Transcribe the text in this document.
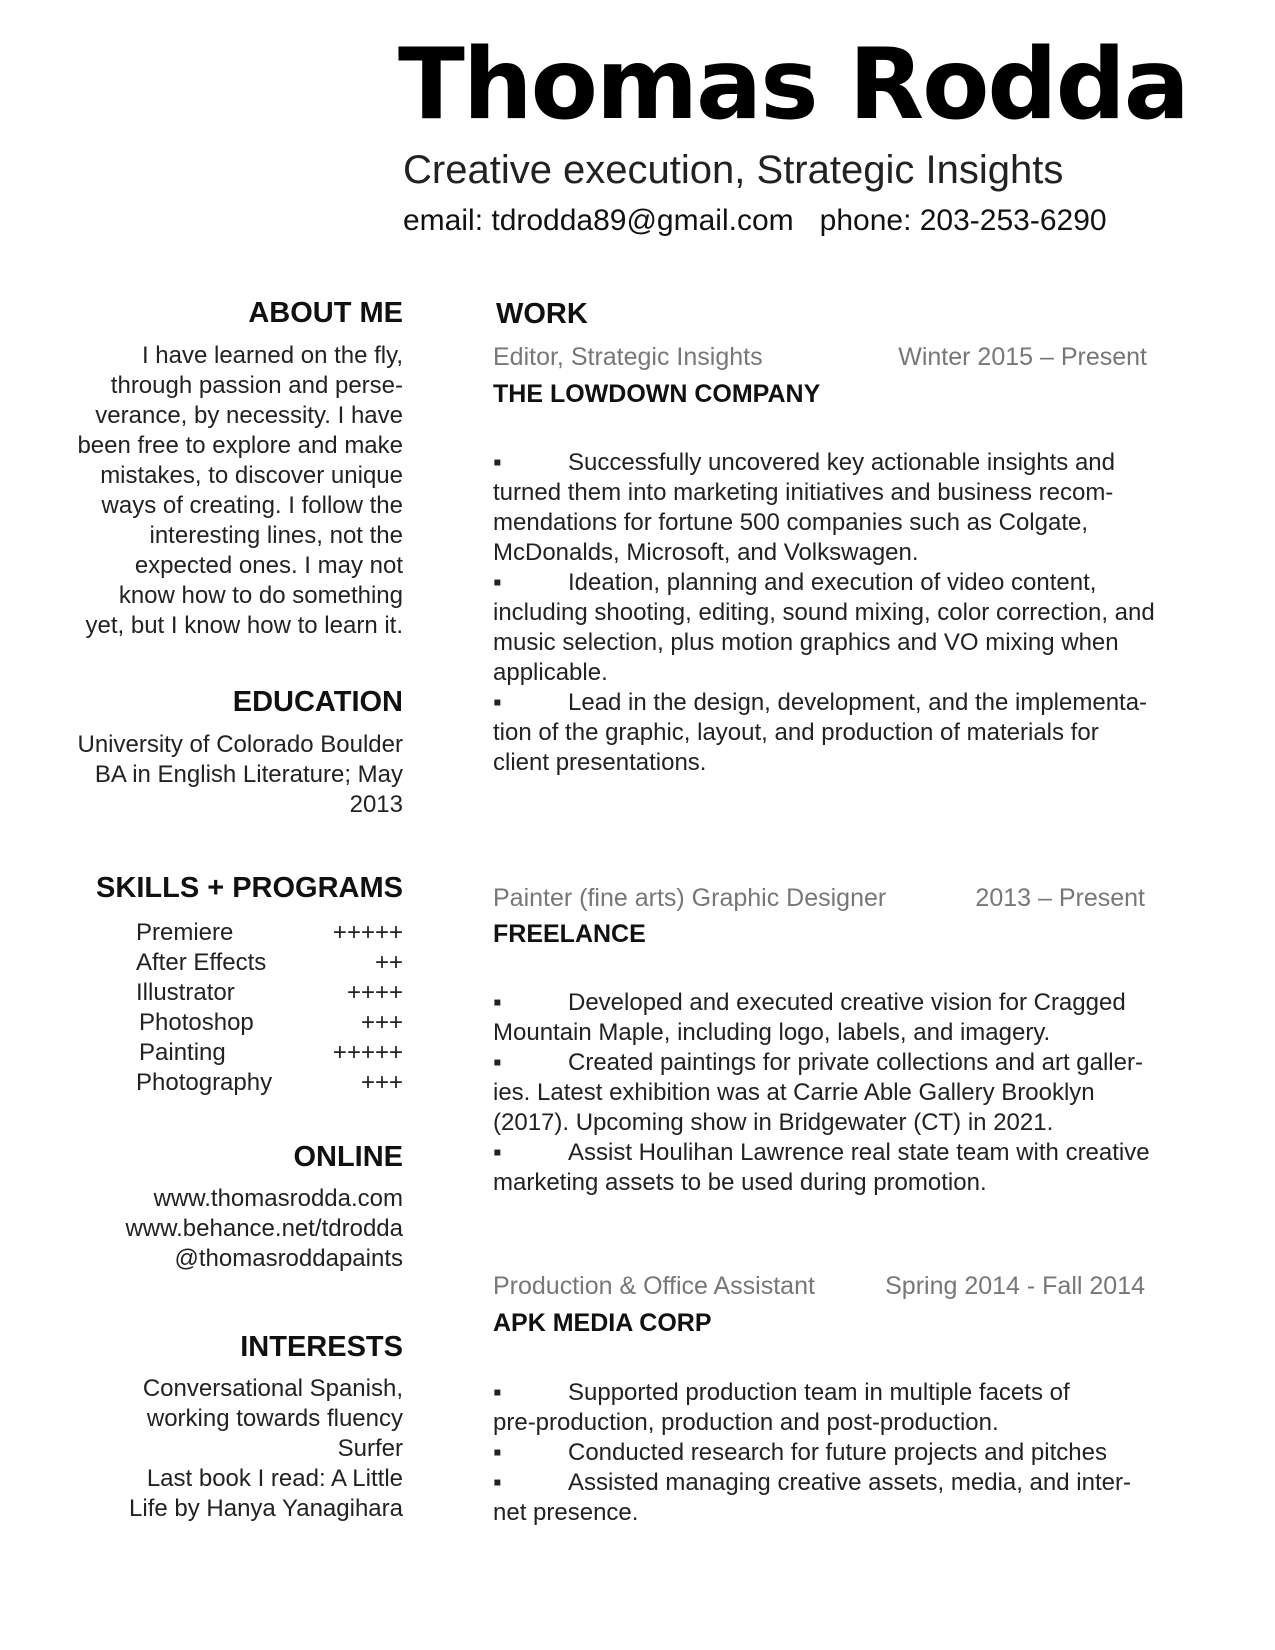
Thomas Rodda
Creative execution, Strategic Insights
email: tdrodda89@gmail.com phone: 203-253-6290
ABOUT ME
I have learned on the fly,
through passion and perse-
verance, by necessity. I have
been free to explore and make
mistakes, to discover unique
ways of creating. I follow the
interesting lines, not the
expected ones. I may not
know how to do something
yet, but I know how to learn it.
EDUCATION
University of Colorado Boulder
BA in English Literature; May
2013
SKILLS + PROGRAMS
Premiere	+++++
After Effects	++
Illustrator	++++
Photoshop	+++
Painting	+++++
Photography	+++
ONLINE
www.thomasrodda.com
www.behance.net/tdrodda
@thomasroddapaints
INTERESTS
Conversational Spanish,
working towards fluency
Surfer
Last book I read: A Little
Life by Hanya Yanagihara
WORK
Editor, Strategic Insights	Winter 2015 – Present
THE LOWDOWN COMPANY
▪	Successfully uncovered key actionable insights and
turned them into marketing initiatives and business recom-
mendations for fortune 500 companies such as Colgate,
McDonalds, Microsoft, and Volkswagen.
▪	Ideation, planning and execution of video content,
including shooting, editing, sound mixing, color correction, and
music selection, plus motion graphics and VO mixing when
applicable.
▪	Lead in the design, development, and the implementa-
tion of the graphic, layout, and production of materials for
client presentations.
Painter (fine arts) Graphic Designer	2013 – Present
FREELANCE
▪	Developed and executed creative vision for Cragged
Mountain Maple, including logo, labels, and imagery.
▪	Created paintings for private collections and art galler-
ies. Latest exhibition was at Carrie Able Gallery Brooklyn
(2017). Upcoming show in Bridgewater (CT) in 2021.
▪	Assist Houlihan Lawrence real state team with creative
marketing assets to be used during promotion.
Production & Office Assistant	Spring 2014 - Fall 2014
APK MEDIA CORP
▪	Supported production team in multiple facets of
pre-production, production and post-production.
▪	Conducted research for future projects and pitches
▪	Assisted managing creative assets, media, and inter-
net presence.
